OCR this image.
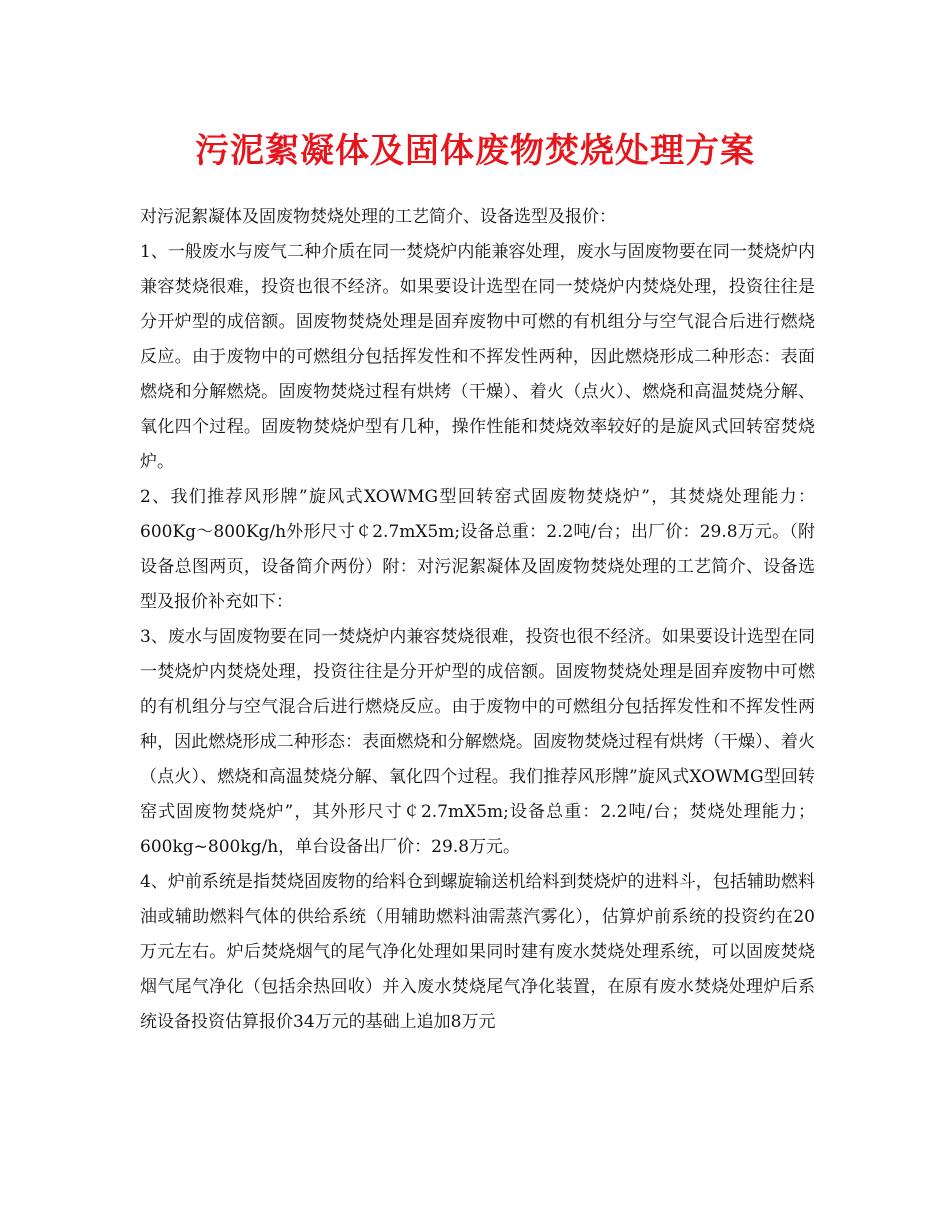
污泥絮凝体及固体废物焚烧处理方案

对污泥絮凝体及固废物焚烧处理的工艺简介、设备选型及报价：

1、一般废水与废气二种介质在同一焚烧炉内能兼容处理，废水与固废物要在同一焚烧炉内兼容焚烧很难，投资也很不经济。如果要设计选型在同一焚烧炉内焚烧处理，投资往往是分开炉型的成倍额。固废物焚烧处理是固弃废物中可燃的有机组分与空气混合后进行燃烧反应。由于废物中的可燃组分包括挥发性和不挥发性两种，因此燃烧形成二种形态：表面燃烧和分解燃烧。固废物焚烧过程有烘烤（干燥）、着火（点火）、燃烧和高温焚烧分解、氧化四个过程。固废物焚烧炉型有几种，操作性能和焚烧效率较好的是旋风式回转窑焚烧炉。

2、我们推荐风形牌”旋风式XOWMG型回转窑式固废物焚烧炉”，其焚烧处理能力：600Kg～800Kg/h外形尺寸￠2.7mX5m;设备总重：2.2吨/台；出厂价：29.8万元。（附设备总图两页，设备简介两份）附：对污泥絮凝体及固废物焚烧处理的工艺简介、设备选型及报价补充如下：

3、废水与固废物要在同一焚烧炉内兼容焚烧很难，投资也很不经济。如果要设计选型在同一焚烧炉内焚烧处理，投资往往是分开炉型的成倍额。固废物焚烧处理是固弃废物中可燃的有机组分与空气混合后进行燃烧反应。由于废物中的可燃组分包括挥发性和不挥发性两种，因此燃烧形成二种形态：表面燃烧和分解燃烧。固废物焚烧过程有烘烤（干燥）、着火（点火）、燃烧和高温焚烧分解、氧化四个过程。我们推荐风形牌”旋风式XOWMG型回转窑式固废物焚烧炉”，其外形尺寸￠2.7mX5m;设备总重：2.2吨/台；焚烧处理能力；600kg~800kg/h，单台设备出厂价：29.8万元。

4、炉前系统是指焚烧固废物的给料仓到螺旋输送机给料到焚烧炉的进料斗，包括辅助燃料油或辅助燃料气体的供给系统（用辅助燃料油需蒸汽雾化），估算炉前系统的投资约在20万元左右。炉后焚烧烟气的尾气净化处理如果同时建有废水焚烧处理系统，可以固废焚烧烟气尾气净化（包括余热回收）并入废水焚烧尾气净化装置，在原有废水焚烧处理炉后系统设备投资估算报价34万元的基础上追加8万元
